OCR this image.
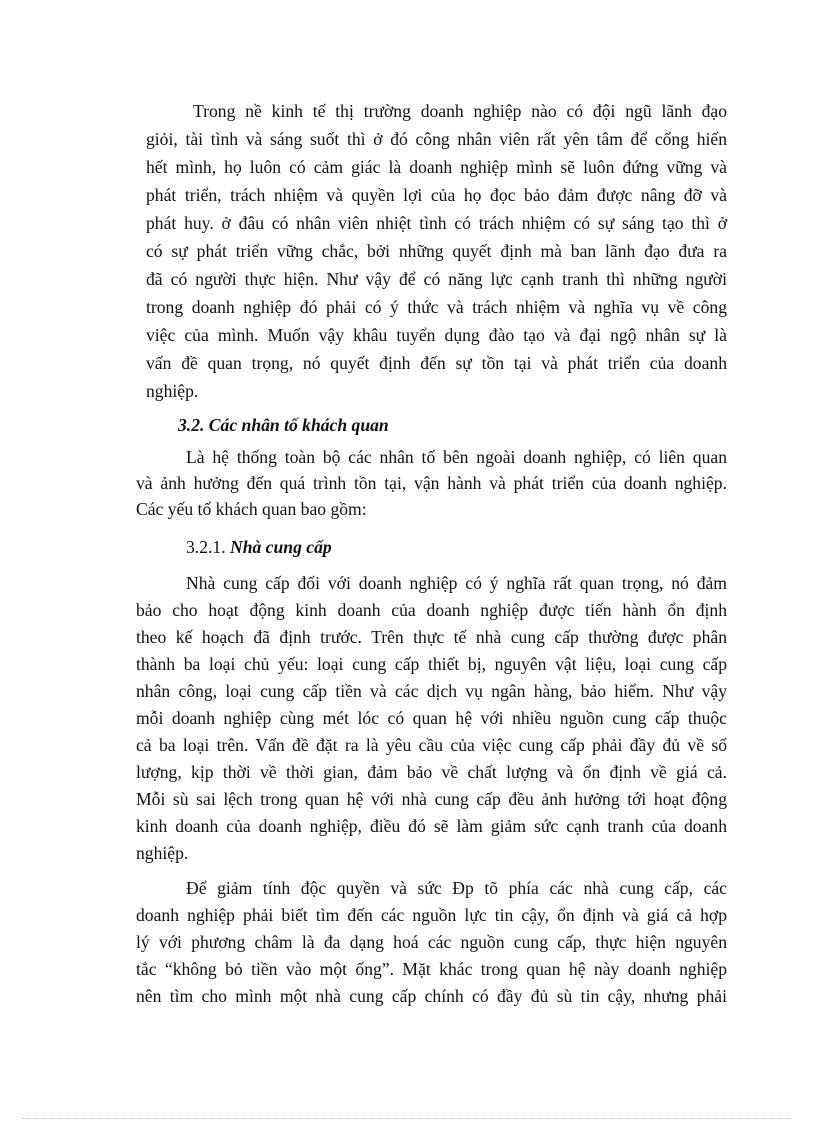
Trong nề kinh tế thị trường doanh nghiệp nào có đội ngũ lãnh đạo
giỏi, tài tình và sáng suốt thì ở đó công nhân viên rất yên tâm để cống hiến
hết mình, họ luôn có cảm giác là doanh nghiệp mình sẽ luôn đứng vững và
phát triển, trách nhiệm và quyền lợi của họ đọc bảo đảm được nâng đỡ và
phát huy. ở đâu có nhân viên nhiệt tình có trách nhiệm có sự sáng tạo thì ở
có sự phát triển vững chắc, bởi những quyết định mà ban lãnh đạo đưa ra
đã có người thực hiện. Như vậy để có năng lực cạnh tranh thì những người
trong doanh nghiệp đó phải có ý thức và trách nhiệm và nghĩa vụ về công
việc của mình. Muốn vậy khâu tuyển dụng đào tạo và đại ngộ nhân sự là
vấn đề quan trọng, nó quyết định đến sự tồn tại và phát triển của doanh
nghiệp.
3.2. Các nhân tố khách quan
Là hệ thống toàn bộ các nhân tố bên ngoài doanh nghiệp, có liên quan
và ảnh hưởng đến quá trình tồn tại, vận hành và phát triển của doanh nghiệp.
Các yếu tố khách quan bao gồm:
3.2.1. Nhà cung cấp
Nhà cung cấp đối với doanh nghiệp có ý nghĩa rất quan trọng, nó đảm
bảo cho hoạt động kinh doanh của doanh nghiệp được tiến hành ổn định
theo kế hoạch đã định trước. Trên thực tế nhà cung cấp thường được phân
thành ba loại chủ yếu: loại cung cấp thiết bị, nguyên vật liệu, loại cung cấp
nhân công, loại cung cấp tiền và các dịch vụ ngân hàng, bảo hiểm. Như vậy
mỗi doanh nghiệp cùng mét lóc có quan hệ với nhiều nguồn cung cấp thuộc
cả ba loại trên. Vấn đề đặt ra là yêu cầu của việc cung cấp phải đầy đủ về số
lượng, kịp thời về thời gian, đảm bảo về chất lượng và ổn định về giá cả.
Mỗi sù sai lệch trong quan hệ với nhà cung cấp đều ảnh hưởng tới hoạt động
kinh doanh của doanh nghiệp, điều đó sẽ làm giảm sức cạnh tranh của doanh
nghiệp.
Để giảm tính độc quyền và sức Ðp tõ phía các nhà cung cấp, các
doanh nghiệp phải biết tìm đến các nguồn lực tin cậy, ổn định và giá cả hợp
lý với phương châm là đa dạng hoá các nguồn cung cấp, thực hiện nguyên
tắc “không bỏ tiền vào một ống”. Mặt khác trong quan hệ này doanh nghiệp
nên tìm cho mình một nhà cung cấp chính có đầy đủ sù tin cậy, nhưng phải
